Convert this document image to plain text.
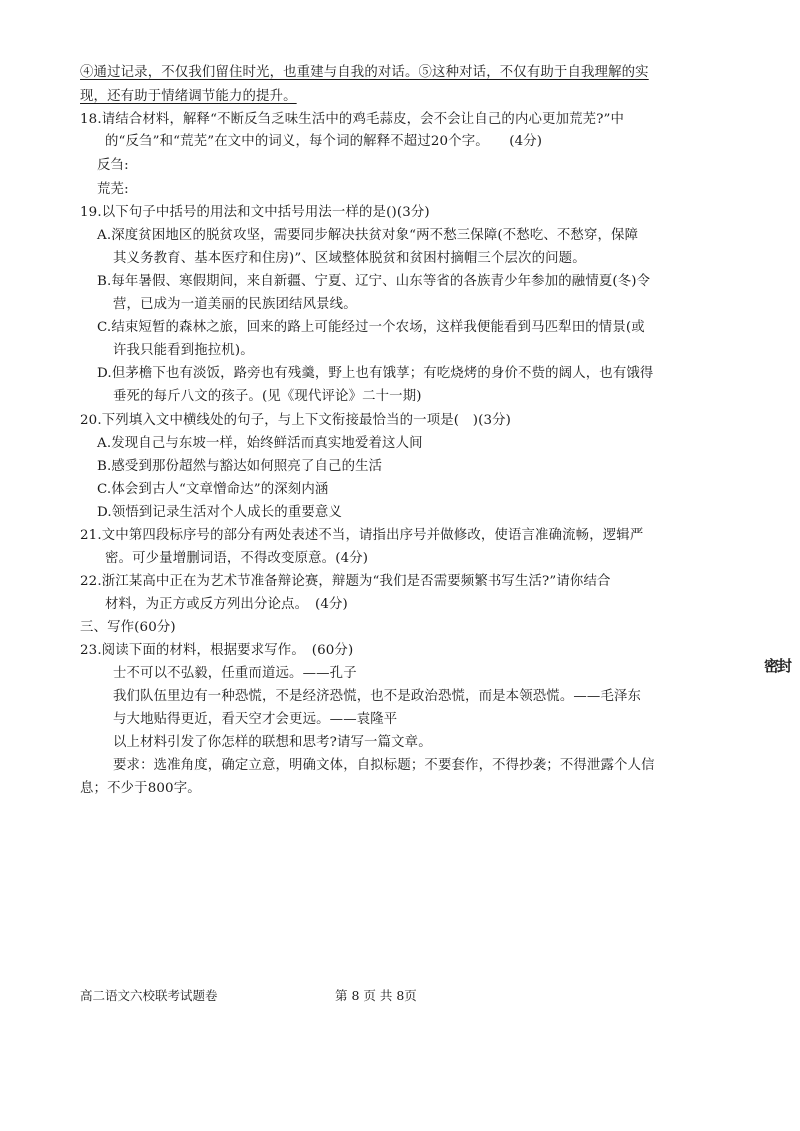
④通过记录，不仅我们留住时光，也重建与自我的对话。⑤这种对话，不仅有助于自我理解的实
现，还有助于情绪调节能力的提升。
18.请结合材料，解释“不断反刍乏味生活中的鸡毛蒜皮，会不会让自己的内心更加荒芜?”中
的“反刍”和“荒芜”在文中的词义，每个词的解释不超过20个字。　　(4分)
反刍:
荒芜:
19.以下句子中括号的用法和文中括号用法一样的是()(3分)
A.深度贫困地区的脱贫攻坚，需要同步解决扶贫对象“两不愁三保障(不愁吃、不愁穿，保障
其义务教育、基本医疗和住房)”、区域整体脱贫和贫困村摘帽三个层次的问题。
B.每年暑假、寒假期间，来自新疆、宁夏、辽宁、山东等省的各族青少年参加的融情夏(冬)令
营，已成为一道美丽的民族团结风景线。
C.结束短暂的森林之旅，回来的路上可能经过一个农场，这样我便能看到马匹犁田的情景(或
许我只能看到拖拉机)。
D.但茅檐下也有淡饭，路旁也有残羹，野上也有饿莩；有吃烧烤的身价不赀的阔人，也有饿得
垂死的每斤八文的孩子。(见《现代评论》二十一期)
20.下列填入文中横线处的句子，与上下文衔接最恰当的一项是(　)(3分)
A.发现自己与东坡一样，始终鲜活而真实地爱着这人间
B.感受到那份超然与豁达如何照亮了自己的生活
C.体会到古人“文章憎命达”的深刻内涵
D.领悟到记录生活对个人成长的重要意义
21.文中第四段标序号的部分有两处表述不当，请指出序号并做修改，使语言准确流畅，逻辑严
密。可少量增删词语，不得改变原意。(4分)
22.浙江某高中正在为艺术节准备辩论赛，辩题为“我们是否需要频繁书写生活?”请你结合
材料，为正方或反方列出分论点。　(4分)
三、写作(60分)
23.阅读下面的材料，根据要求写作。　(60分)
士不可以不弘毅，任重而道远。——孔子
我们队伍里边有一种恐慌，不是经济恐慌，也不是政治恐慌，而是本领恐慌。——毛泽东
与大地贴得更近，看天空才会更远。——袁隆平
以上材料引发了你怎样的联想和思考?请写一篇文章。
要求：选准角度，确定立意，明确文体，自拟标题；不要套作，不得抄袭；不得泄露个人信
息；不少于800字。
密封
高二语文六校联考试题卷	第 8 页 共 8页
